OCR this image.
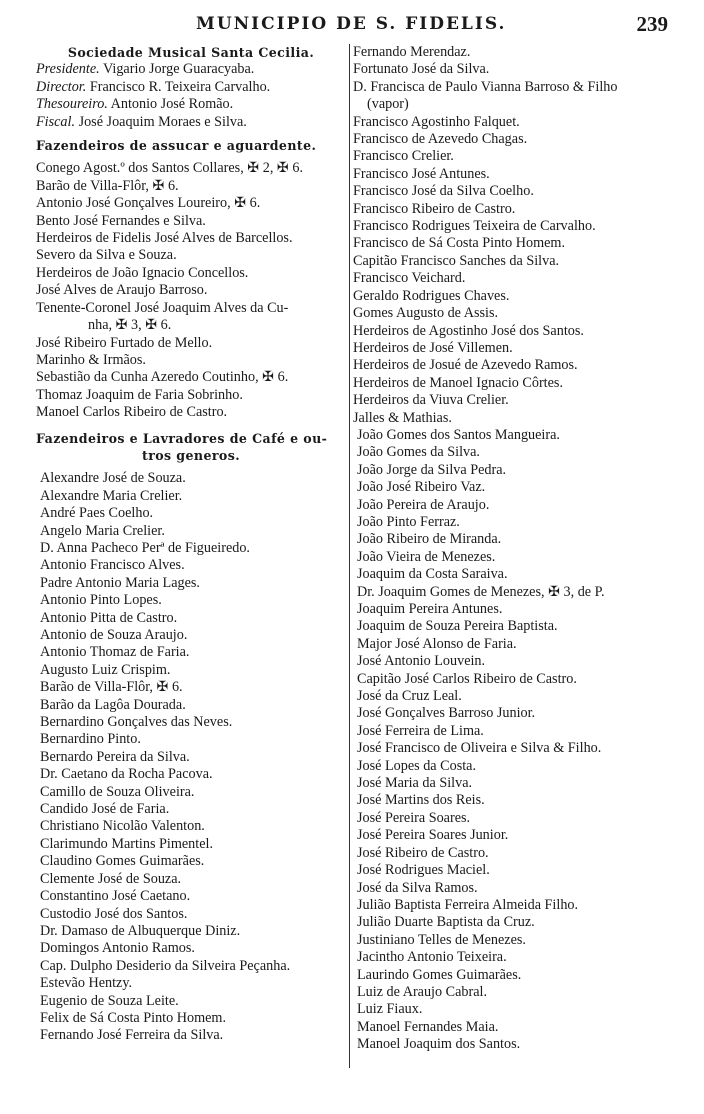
MUNICIPIO DE S. FIDELIS.	239
Sociedade Musical Santa Cecilia.
Presidente. Vigario Jorge Guaracyaba.
Director. Francisco R. Teixeira Carvalho.
Thesoureiro. Antonio José Romão.
Fiscal. José Joaquim Moraes e Silva.
Fazendeiros de assucar e aguardente.
Conego Agost.º dos Santos Collares, ✠ 2, ✠ 6.
Barão de Villa-Flôr, ✠ 6.
Antonio José Gonçalves Loureiro, ✠ 6.
Bento José Fernandes e Silva.
Herdeiros de Fidelis José Alves de Barcellos.
Severo da Silva e Souza.
Herdeiros de João Ignacio Concellos.
José Alves de Araujo Barroso.
Tenente-Coronel José Joaquim Alves da Cu-
nha, ✠ 3, ✠ 6.
José Ribeiro Furtado de Mello.
Marinho & Irmãos.
Sebastião da Cunha Azeredo Coutinho, ✠ 6.
Thomaz Joaquim de Faria Sobrinho.
Manoel Carlos Ribeiro de Castro.
Fazendeiros e Lavradores de Café e ou-
tros generos.
Alexandre José de Souza.
Alexandre Maria Crelier.
André Paes Coelho.
Angelo Maria Crelier.
D. Anna Pacheco Perª de Figueiredo.
Antonio Francisco Alves.
Padre Antonio Maria Lages.
Antonio Pinto Lopes.
Antonio Pitta de Castro.
Antonio de Souza Araujo.
Antonio Thomaz de Faria.
Augusto Luiz Crispim.
Barão de Villa-Flôr, ✠ 6.
Barão da Lagôa Dourada.
Bernardino Gonçalves das Neves.
Bernardino Pinto.
Bernardo Pereira da Silva.
Dr. Caetano da Rocha Pacova.
Camillo de Souza Oliveira.
Candido José de Faria.
Christiano Nicolão Valenton.
Clarimundo Martins Pimentel.
Claudino Gomes Guimarães.
Clemente José de Souza.
Constantino José Caetano.
Custodio José dos Santos.
Dr. Damaso de Albuquerque Diniz.
Domingos Antonio Ramos.
Cap. Dulpho Desiderio da Silveira Peçanha.
Estevão Hentzy.
Eugenio de Souza Leite.
Felix de Sá Costa Pinto Homem.
Fernando José Ferreira da Silva.
Fernando Merendaz.
Fortunato José da Silva.
D. Francisca de Paulo Vianna Barroso & Filho
(vapor)
Francisco Agostinho Falquet.
Francisco de Azevedo Chagas.
Francisco Crelier.
Francisco José Antunes.
Francisco José da Silva Coelho.
Francisco Ribeiro de Castro.
Francisco Rodrigues Teixeira de Carvalho.
Francisco de Sá Costa Pinto Homem.
Capitão Francisco Sanches da Silva.
Francisco Veichard.
Geraldo Rodrigues Chaves.
Gomes Augusto de Assis.
Herdeiros de Agostinho José dos Santos.
Herdeiros de José Villemen.
Herdeiros de Josué de Azevedo Ramos.
Herdeiros de Manoel Ignacio Côrtes.
Herdeiros da Viuva Crelier.
Jalles & Mathias.
João Gomes dos Santos Mangueira.
João Gomes da Silva.
João Jorge da Silva Pedra.
João José Ribeiro Vaz.
João Pereira de Araujo.
João Pinto Ferraz.
João Ribeiro de Miranda.
João Vieira de Menezes.
Joaquim da Costa Saraiva.
Dr. Joaquim Gomes de Menezes, ✠ 3, de P.
Joaquim Pereira Antunes.
Joaquim de Souza Pereira Baptista.
Major José Alonso de Faria.
José Antonio Louvein.
Capitão José Carlos Ribeiro de Castro.
José da Cruz Leal.
José Gonçalves Barroso Junior.
José Ferreira de Lima.
José Francisco de Oliveira e Silva & Filho.
José Lopes da Costa.
José Maria da Silva.
José Martins dos Reis.
José Pereira Soares.
José Pereira Soares Junior.
José Ribeiro de Castro.
José Rodrigues Maciel.
José da Silva Ramos.
Julião Baptista Ferreira Almeida Filho.
Julião Duarte Baptista da Cruz.
Justiniano Telles de Menezes.
Jacintho Antonio Teixeira.
Laurindo Gomes Guimarães.
Luiz de Araujo Cabral.
Luiz Fiaux.
Manoel Fernandes Maia.
Manoel Joaquim dos Santos.
